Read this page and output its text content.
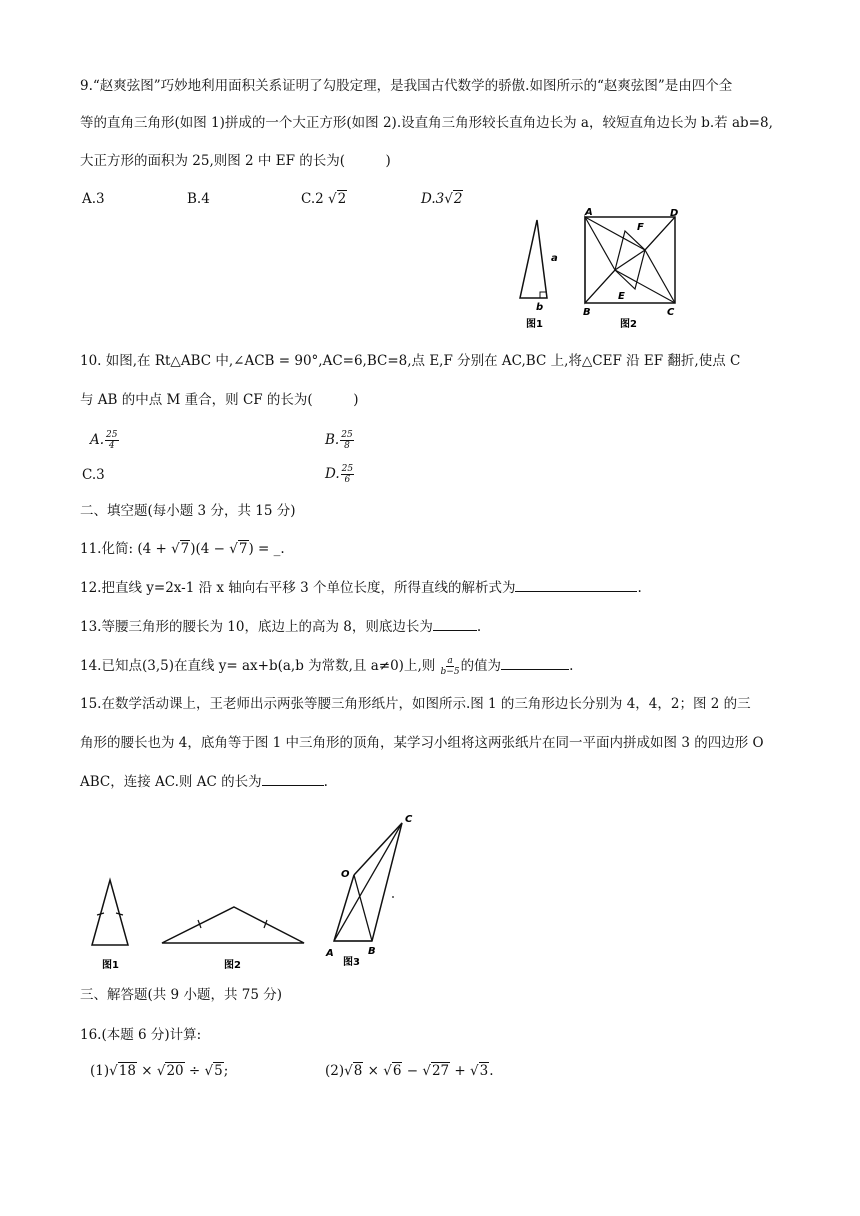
9.“赵爽弦图”巧妙地利用面积关系证明了勾股定理，是我国古代数学的骄傲.如图所示的“赵爽弦图”是由四个全
等的直角三角形(如图 1)拼成的一个大正方形(如图 2).设直角三角形较长直角边长为 a，较短直角边长为 b.若 ab=8,
大正方形的面积为 25,则图 2 中 EF 的长为(　　　)
A.3	B.4	C.2 √2	D.3√2
a
b
图1
A	D
F
E
B	C
图2
10. 如图,在 Rt△ABC 中,∠ACB = 90°,AC=6,BC=8,点 E,F 分别在 AC,BC 上,将△CEF 沿 EF 翻折,使点 C
与 AB 的中点 M 重合，则 CF 的长为(　　　)
A. $\frac{25}{4}$	B. $\frac{25}{8}$
C.3	D. $\frac{25}{6}$
二、填空题(每小题 3 分，共 15 分)
11.化简: (4 + √7)(4 − √7) = _.
12.把直线 y=2x-1 沿 x 轴向右平移 3 个单位长度，所得直线的解析式为	.
13.等腰三角形的腰长为 10，底边上的高为 8，则底边长为	.
14.已知点(3,5)在直线 y= ax+b(a,b 为常数,且 a≠0)上,则 $\frac{a}{b-5}$ 的值为	.
15.在数学活动课上，王老师出示两张等腰三角形纸片，如图所示.图 1 的三角形边长分别为 4，4，2；图 2 的三
角形的腰长也为 4，底角等于图 1 中三角形的顶角，某学习小组将这两张纸片在同一平面内拼成如图 3 的四边形 O
ABC，连接 AC.则 AC 的长为	.
图1	图2
O
C
A	B
图3
三、解答题(共 9 小题，共 75 分)
16.(本题 6 分)计算:
(1)√18 × √20 ÷ √5;	(2)√8 × √6 − √27 + √3.
